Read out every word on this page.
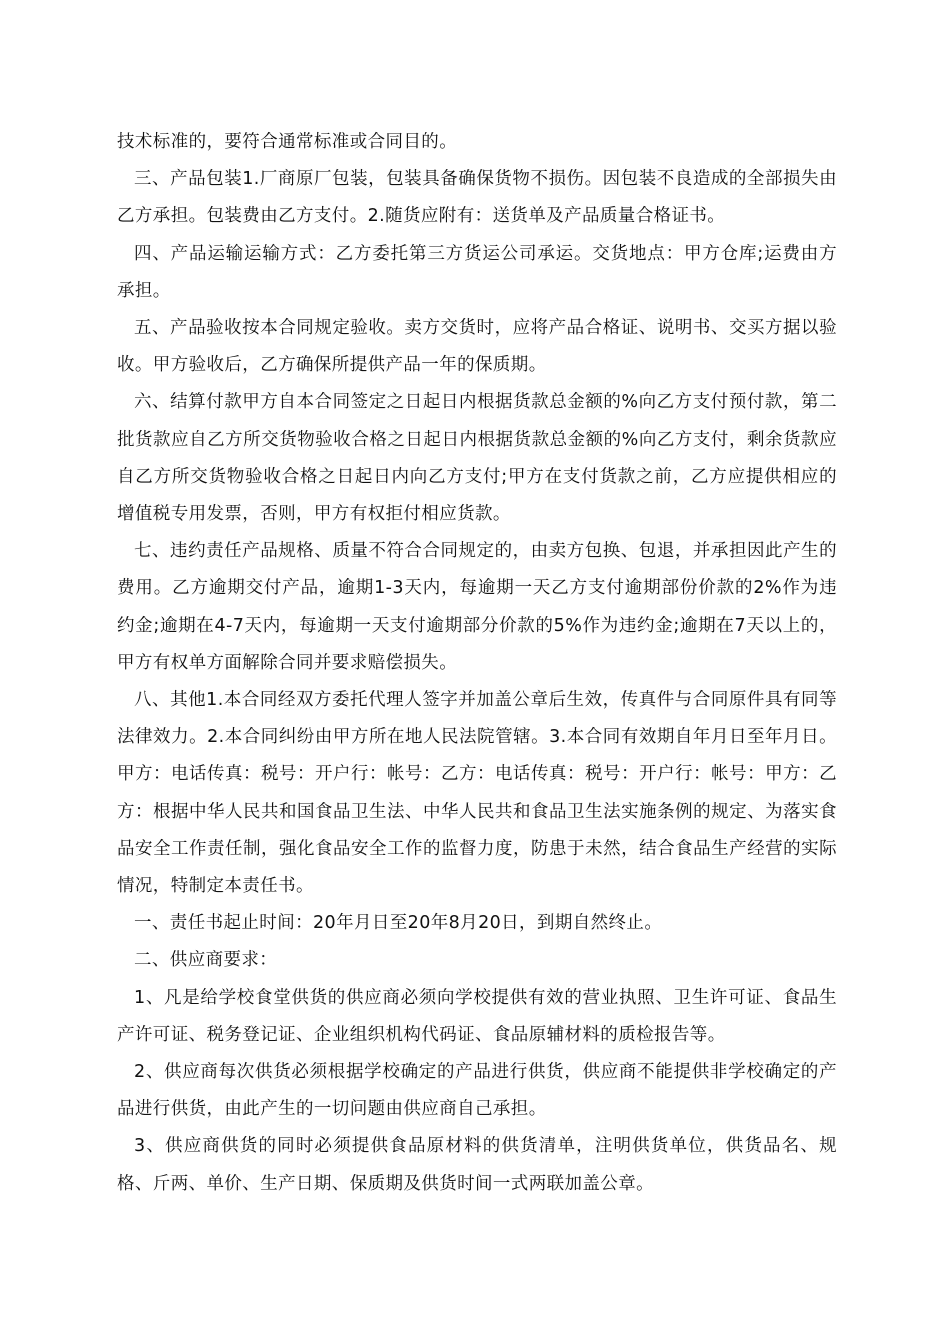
技术标准的，要符合通常标准或合同目的。

三、产品包装1.厂商原厂包装，包装具备确保货物不损伤。因包装不良造成的全部损失由乙方承担。包装费由乙方支付。2.随货应附有：送货单及产品质量合格证书。

四、产品运输运输方式：乙方委托第三方货运公司承运。交货地点：甲方仓库;运费由方承担。

五、产品验收按本合同规定验收。卖方交货时，应将产品合格证、说明书、交买方据以验收。甲方验收后，乙方确保所提供产品一年的保质期。

六、结算付款甲方自本合同签定之日起日内根据货款总金额的%向乙方支付预付款，第二批货款应自乙方所交货物验收合格之日起日内根据货款总金额的%向乙方支付，剩余货款应自乙方所交货物验收合格之日起日内向乙方支付;甲方在支付货款之前，乙方应提供相应的增值税专用发票，否则，甲方有权拒付相应货款。

七、违约责任产品规格、质量不符合合同规定的，由卖方包换、包退，并承担因此产生的费用。乙方逾期交付产品，逾期1-3天内，每逾期一天乙方支付逾期部份价款的2%作为违约金;逾期在4-7天内，每逾期一天支付逾期部分价款的5%作为违约金;逾期在7天以上的，甲方有权单方面解除合同并要求赔偿损失。

八、其他1.本合同经双方委托代理人签字并加盖公章后生效，传真件与合同原件具有同等法律效力。2.本合同纠纷由甲方所在地人民法院管辖。3.本合同有效期自年月日至年月日。甲方：电话传真：税号：开户行：帐号：乙方：电话传真：税号：开户行：帐号：甲方：乙方：根据中华人民共和国食品卫生法、中华人民共和食品卫生法实施条例的规定、为落实食品安全工作责任制，强化食品安全工作的监督力度，防患于未然，结合食品生产经营的实际情况，特制定本责任书。

一、责任书起止时间：20年月日至20年8月20日，到期自然终止。

二、供应商要求：

1、凡是给学校食堂供货的供应商必须向学校提供有效的营业执照、卫生许可证、食品生产许可证、税务登记证、企业组织机构代码证、食品原辅材料的质检报告等。

2、供应商每次供货必须根据学校确定的产品进行供货，供应商不能提供非学校确定的产品进行供货，由此产生的一切问题由供应商自己承担。

3、供应商供货的同时必须提供食品原材料的供货清单，注明供货单位，供货品名、规格、斤两、单价、生产日期、保质期及供货时间一式两联加盖公章。
